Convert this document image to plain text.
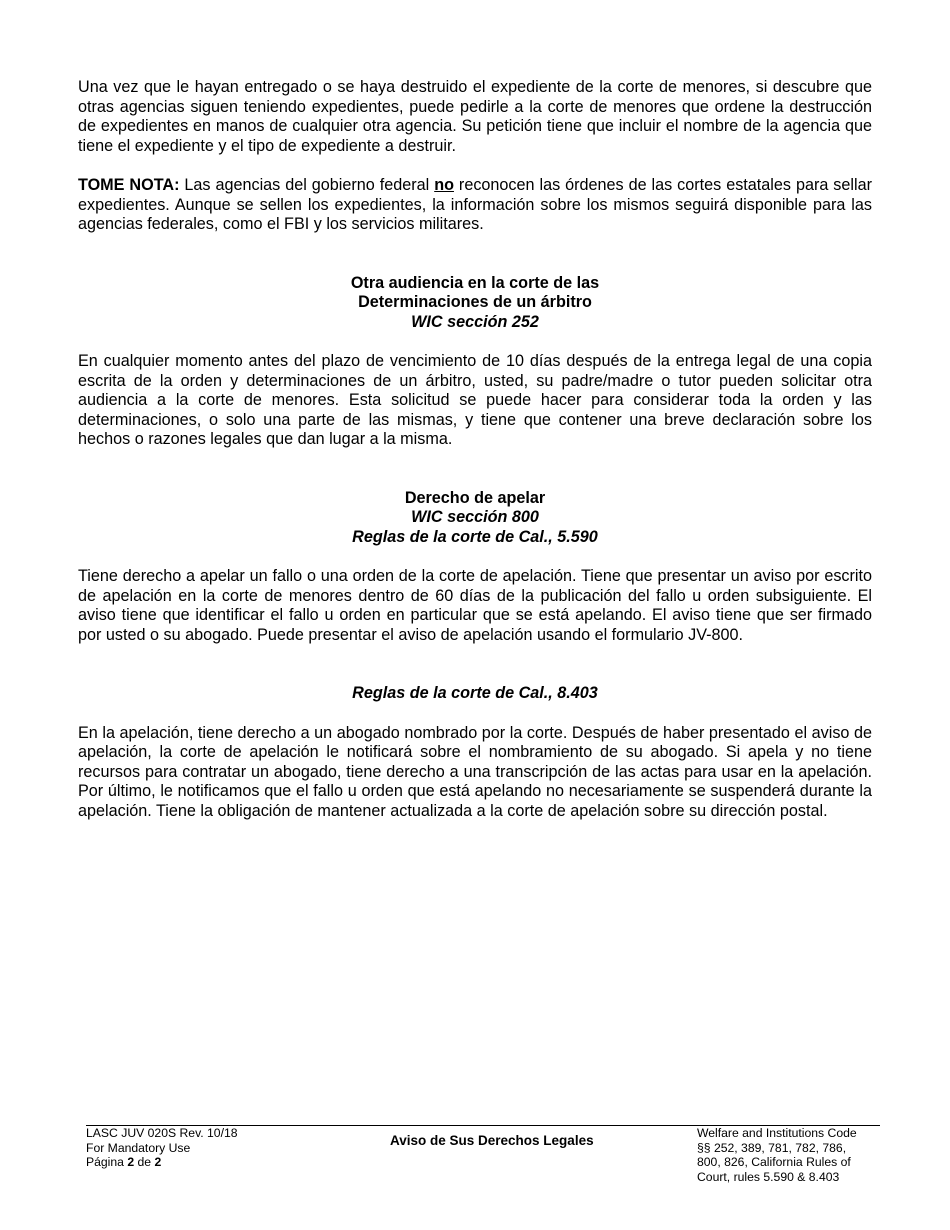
Una vez que le hayan entregado o se haya destruido el expediente de la corte de menores, si descubre que otras agencias siguen teniendo expedientes, puede pedirle a la corte de menores que ordene la destrucción de expedientes en manos de cualquier otra agencia. Su petición tiene que incluir el nombre de la agencia que tiene el expediente y el tipo de expediente a destruir.

TOME NOTA: Las agencias del gobierno federal no reconocen las órdenes de las cortes estatales para sellar expedientes. Aunque se sellen los expedientes, la información sobre los mismos seguirá disponible para las agencias federales, como el FBI y los servicios militares.

Otra audiencia en la corte de las
Determinaciones de un árbitro
WIC sección 252

En cualquier momento antes del plazo de vencimiento de 10 días después de la entrega legal de una copia escrita de la orden y determinaciones de un árbitro, usted, su padre/madre o tutor pueden solicitar otra audiencia a la corte de menores. Esta solicitud se puede hacer para considerar toda la orden y las determinaciones, o solo una parte de las mismas, y tiene que contener una breve declaración sobre los hechos o razones legales que dan lugar a la misma.

Derecho de apelar
WIC sección 800
Reglas de la corte de Cal., 5.590

Tiene derecho a apelar un fallo o una orden de la corte de apelación. Tiene que presentar un aviso por escrito de apelación en la corte de menores dentro de 60 días de la publicación del fallo u orden subsiguiente. El aviso tiene que identificar el fallo u orden en particular que se está apelando. El aviso tiene que ser firmado por usted o su abogado. Puede presentar el aviso de apelación usando el formulario JV-800.

Reglas de la corte de Cal., 8.403

En la apelación, tiene derecho a un abogado nombrado por la corte. Después de haber presentado el aviso de apelación, la corte de apelación le notificará sobre el nombramiento de su abogado. Si apela y no tiene recursos para contratar un abogado, tiene derecho a una transcripción de las actas para usar en la apelación. Por último, le notificamos que el fallo u orden que está apelando no necesariamente se suspenderá durante la apelación. Tiene la obligación de mantener actualizada a la corte de apelación sobre su dirección postal.

LASC JUV 020S Rev. 10/18
For Mandatory Use
Página 2 de 2
Aviso de Sus Derechos Legales	Welfare and Institutions Code
§§ 252, 389, 781, 782, 786,
800, 826, California Rules of
Court, rules 5.590 & 8.403
